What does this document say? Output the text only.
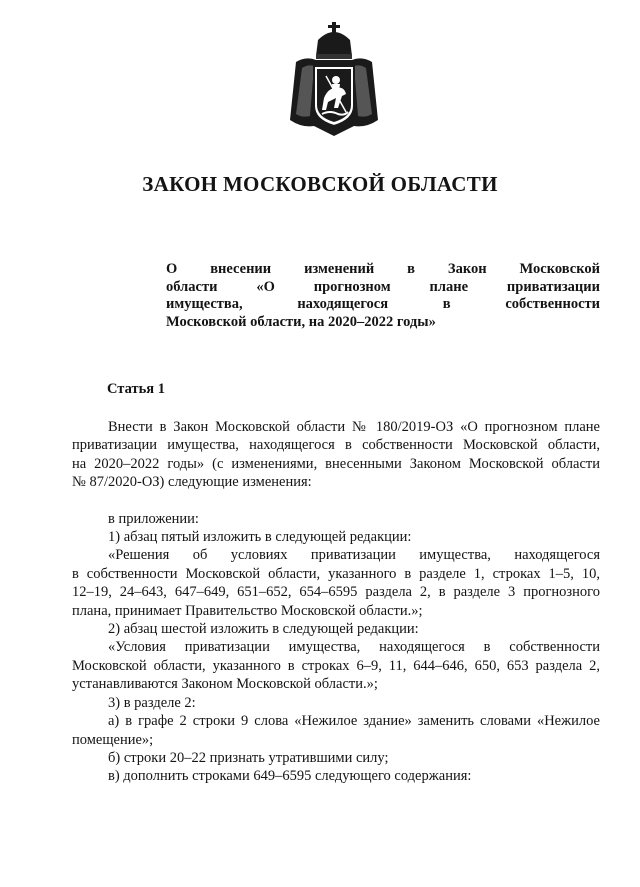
ЗАКОН МОСКОВСКОЙ ОБЛАСТИ
О внесении изменений в Закон Московской
области «О прогнозном плане приватизации
имущества, находящегося в собственности
Московской области, на 2020–2022 годы»
Статья 1
Внести в Закон Московской области № 180/2019-ОЗ «О прогнозном плане
приватизации имущества, находящегося в собственности Московской области,
на 2020–2022 годы» (с изменениями, внесенными Законом Московской области
№ 87/2020-ОЗ) следующие изменения:
в приложении:
1) абзац пятый изложить в следующей редакции:
«Решения об условиях приватизации имущества, находящегося
в собственности Московской области, указанного в разделе 1, строках 1–5, 10,
12–19, 24–643, 647–649, 651–652, 654–6595 раздела 2, в разделе 3 прогнозного
плана, принимает Правительство Московской области.»;
2) абзац шестой изложить в следующей редакции:
«Условия приватизации имущества, находящегося в собственности
Московской области, указанного в строках 6–9, 11, 644–646, 650, 653 раздела 2,
устанавливаются Законом Московской области.»;
3) в разделе 2:
а) в графе 2 строки 9 слова «Нежилое здание» заменить словами «Нежилое
помещение»;
б) строки 20–22 признать утратившими силу;
в) дополнить строками 649–6595 следующего содержания:
